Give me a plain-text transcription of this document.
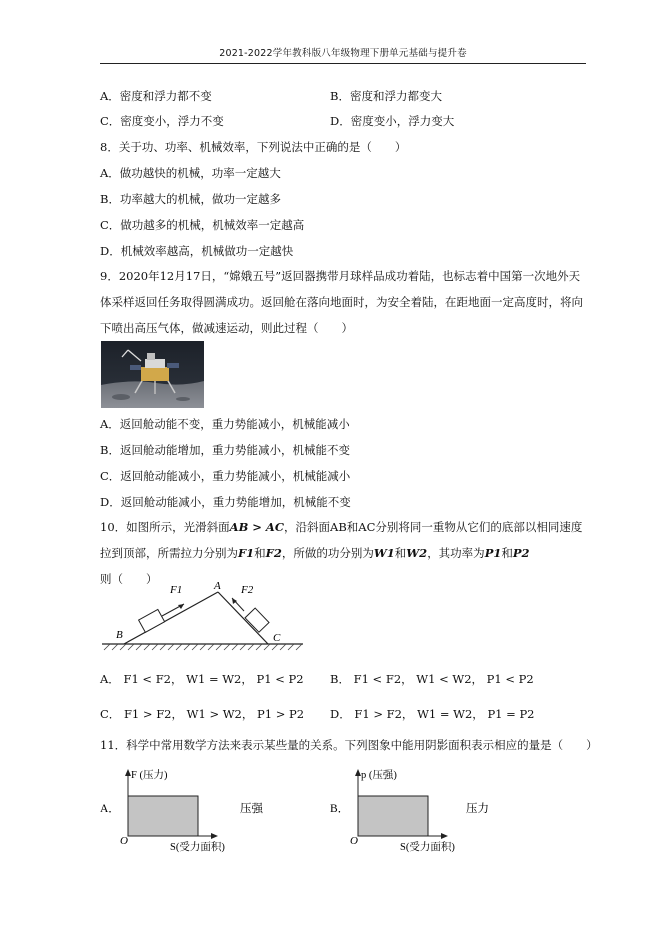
2021-2022学年教科版八年级物理下册单元基础与提升卷
A．密度和浮力都不变	B．密度和浮力都变大
C．密度变小，浮力不变	D．密度变小，浮力变大
8．关于功、功率、机械效率，下列说法中正确的是（　　）
A．做功越快的机械，功率一定越大
B．功率越大的机械，做功一定越多
C．做功越多的机械，机械效率一定越高
D．机械效率越高，机械做功一定越快
9．2020年12月17日，“嫦娥五号”返回器携带月球样品成功着陆，也标志着中国第一次地外天体采样返回任务取得圆满成功。返回舱在落向地面时，为安全着陆，在距地面一定高度时，将向下喷出高压气体，做减速运动，则此过程（　　）
A．返回舱动能不变，重力势能减小，机械能减小
B．返回舱动能增加，重力势能减小，机械能不变
C．返回舱动能减小，重力势能减小，机械能减小
D．返回舱动能减小，重力势能增加，机械能不变
10．如图所示，光滑斜面AB > AC，沿斜面AB和AC分别将同一重物从它们的底部以相同速度拉到顶部，所需拉力分别为F1和F2，所做的功分别为W1和W2，其功率为P1和P2则（　　）
F1	F2
A
B	C
A． F1 < F2， W1 = W2， P1 < P2 B． F1 < F2， W1 < W2， P1 < P2
C． F1 > F2， W1 > W2， P1 > P2 D． F1 > F2， W1 = W2， P1 = P2
11．科学中常用数学方法来表示某些量的关系。下列图象中能用阴影面积表示相应的量是（　　）
A．
F (压力)
O
S(受力面积)
压强	B．
p (压强)
O
S(受力面积)
压力
